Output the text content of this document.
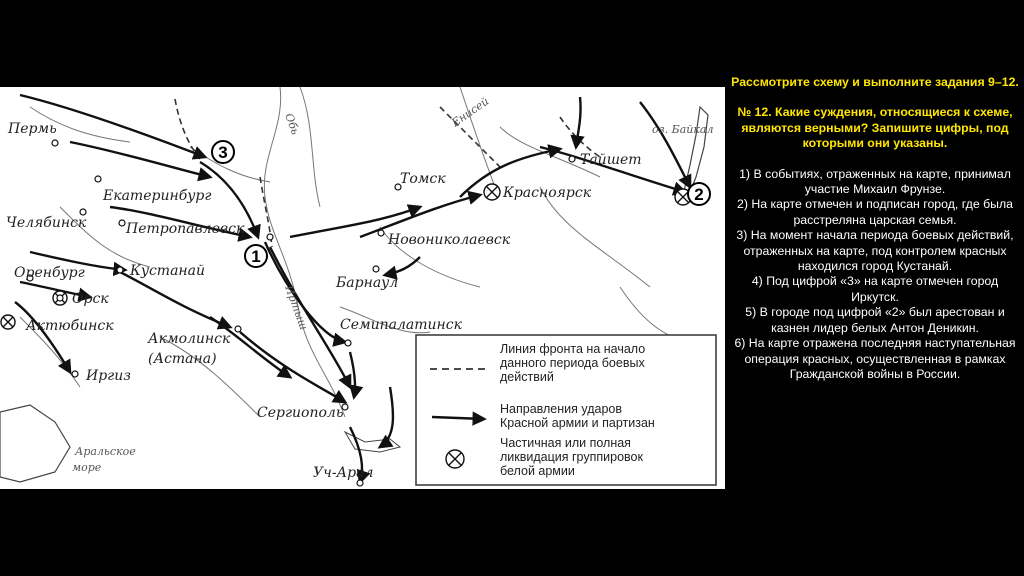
1
2
3
Пермь
Екатеринбург
Челябинск	Петропавловск
Оренбург
Орск
Актюбинск
Кустанай
Акмолинск
(Астана)
Иргиз
Сергиополь
Уч-Арал
Семипалатинск
Барнаул
Новониколаевск
Томск
Красноярск
Тайшет
Обь	Енисей
Иртыш
оз. Байкал
Аральское
море
Линия фронта на начало
данного периода боевых
действий
Направления ударов
Красной армии и партизан
Частичная или полная
ликвидация группировок
белой армии

Рассмотрите схему и выполните задания 9–12.

№ 12. Какие суждения, относящиеся к схеме, являются верными? Запишите цифры, под которыми они указаны.

1) В событиях, отраженных на карте, принимал участие Михаил Фрунзе.

2) На карте отмечен и подписан город, где была расстреляна царская семья.

3) На момент начала периода боевых действий, отраженных на карте, под контролем красных находился город Кустанай.

4) Под цифрой «3» на карте отмечен город Иркутск.

5) В городе под цифрой «2» был арестован и казнен лидер белых Антон Деникин.

6) На карте отражена последняя наступательная операция красных, осуществленная в рамках Гражданской войны в России.
